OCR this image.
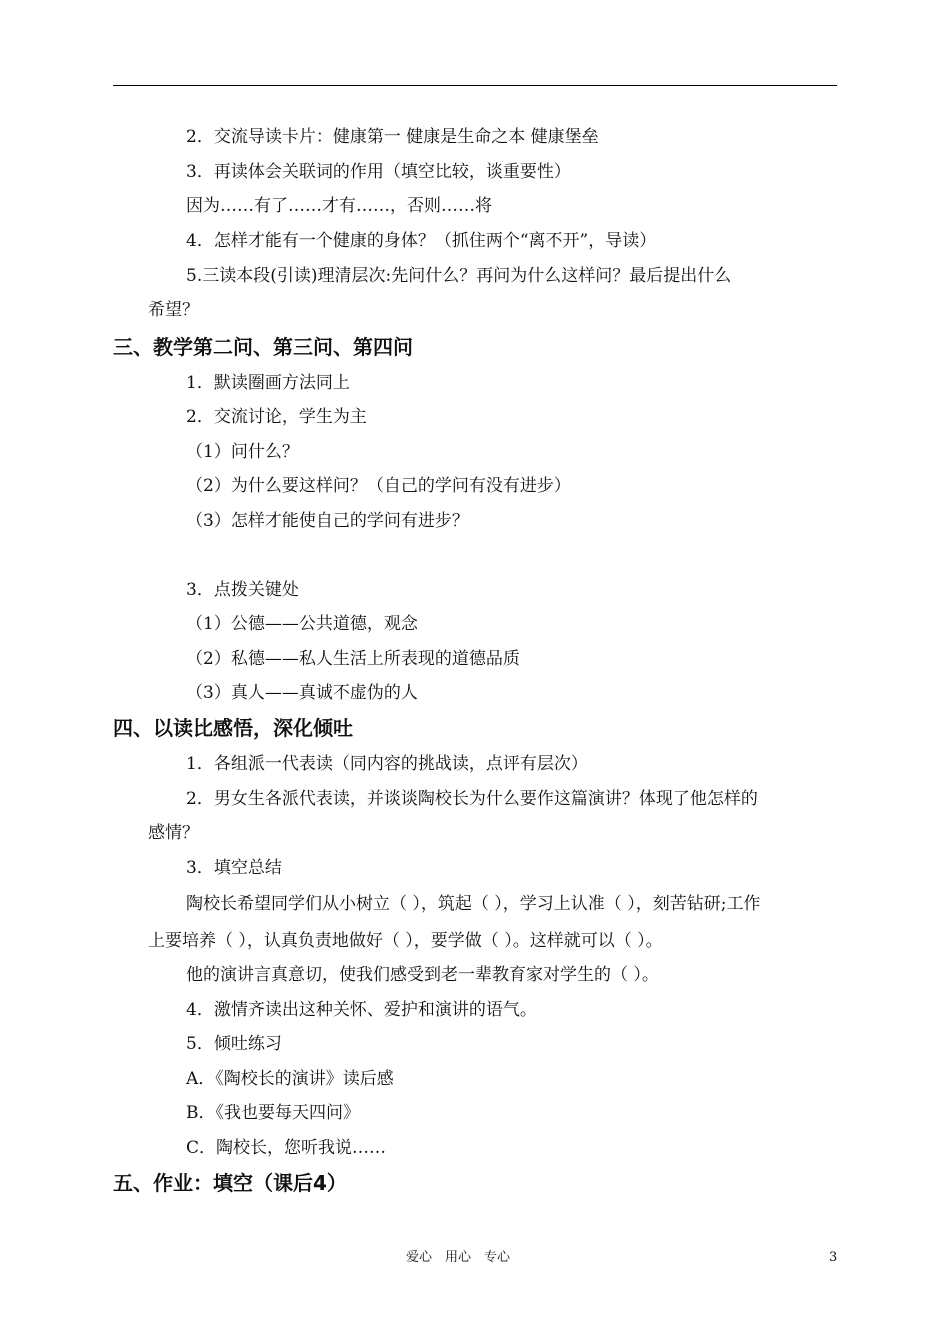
2．交流导读卡片：健康第一 健康是生命之本 健康堡垒
3．再读体会关联词的作用（填空比较，谈重要性）
因为……有了……才有……，否则……将
4．怎样才能有一个健康的身体？（抓住两个“离不开”，导读）
5.三读本段(引读)理清层次:先问什么？再问为什么这样问？最后提出什么
希望？
三、教学第二问、第三问、第四问
1．默读圈画方法同上
2．交流讨论，学生为主
（1）问什么？
（2）为什么要这样问？（自己的学问有没有进步）
（3）怎样才能使自己的学问有进步？
3．点拨关键处
（1）公德——公共道德，观念
（2）私德——私人生活上所表现的道德品质
（3）真人——真诚不虚伪的人
四、以读比感悟，深化倾吐
1．各组派一代表读（同内容的挑战读，点评有层次）
2．男女生各派代表读，并谈谈陶校长为什么要作这篇演讲？体现了他怎样的
感情？
3．填空总结
陶校长希望同学们从小树立（ ），筑起（ ），学习上认准（ ），刻苦钻研;工作
上要培养（ ），认真负责地做好（ ），要学做（ ）。这样就可以（ ）。
他的演讲言真意切，使我们感受到老一辈教育家对学生的（ ）。
4．激情齐读出这种关怀、爱护和演讲的语气。
5．倾吐练习
A．《陶校长的演讲》读后感
B．《我也要每天四问》
C．陶校长，您听我说……
五、作业：填空（课后4）
爱心　用心　专心	3
